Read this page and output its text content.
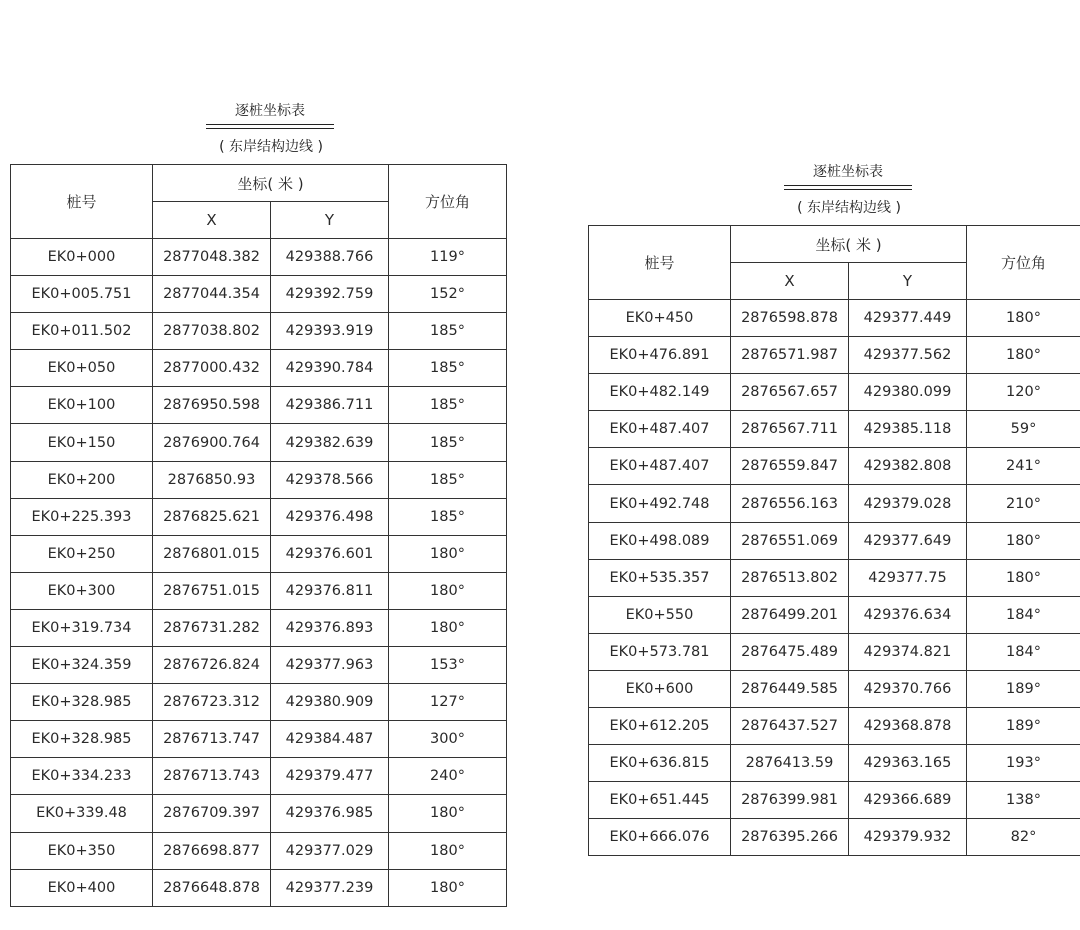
逐桩坐标表
( 东岸结构边线 )
桩号	坐标( 米 )		方位角
	X	Y	
EK0+000	2877048.382	429388.766	119°
EK0+005.751	2877044.354	429392.759	152°
EK0+011.502	2877038.802	429393.919	185°
EK0+050	2877000.432	429390.784	185°
EK0+100	2876950.598	429386.711	185°
EK0+150	2876900.764	429382.639	185°
EK0+200	2876850.93	429378.566	185°
EK0+225.393	2876825.621	429376.498	185°
EK0+250	2876801.015	429376.601	180°
EK0+300	2876751.015	429376.811	180°
EK0+319.734	2876731.282	429376.893	180°
EK0+324.359	2876726.824	429377.963	153°
EK0+328.985	2876723.312	429380.909	127°
EK0+328.985	2876713.747	429384.487	300°
EK0+334.233	2876713.743	429379.477	240°
EK0+339.48	2876709.397	429376.985	180°
EK0+350	2876698.877	429377.029	180°
EK0+400	2876648.878	429377.239	180°
逐桩坐标表
( 东岸结构边线 )
桩号	坐标( 米 )		方位角
	X	Y	
EK0+450	2876598.878	429377.449	180°
EK0+476.891	2876571.987	429377.562	180°
EK0+482.149	2876567.657	429380.099	120°
EK0+487.407	2876567.711	429385.118	59°
EK0+487.407	2876559.847	429382.808	241°
EK0+492.748	2876556.163	429379.028	210°
EK0+498.089	2876551.069	429377.649	180°
EK0+535.357	2876513.802	429377.75	180°
EK0+550	2876499.201	429376.634	184°
EK0+573.781	2876475.489	429374.821	184°
EK0+600	2876449.585	429370.766	189°
EK0+612.205	2876437.527	429368.878	189°
EK0+636.815	2876413.59	429363.165	193°
EK0+651.445	2876399.981	429366.689	138°
EK0+666.076	2876395.266	429379.932	82°
